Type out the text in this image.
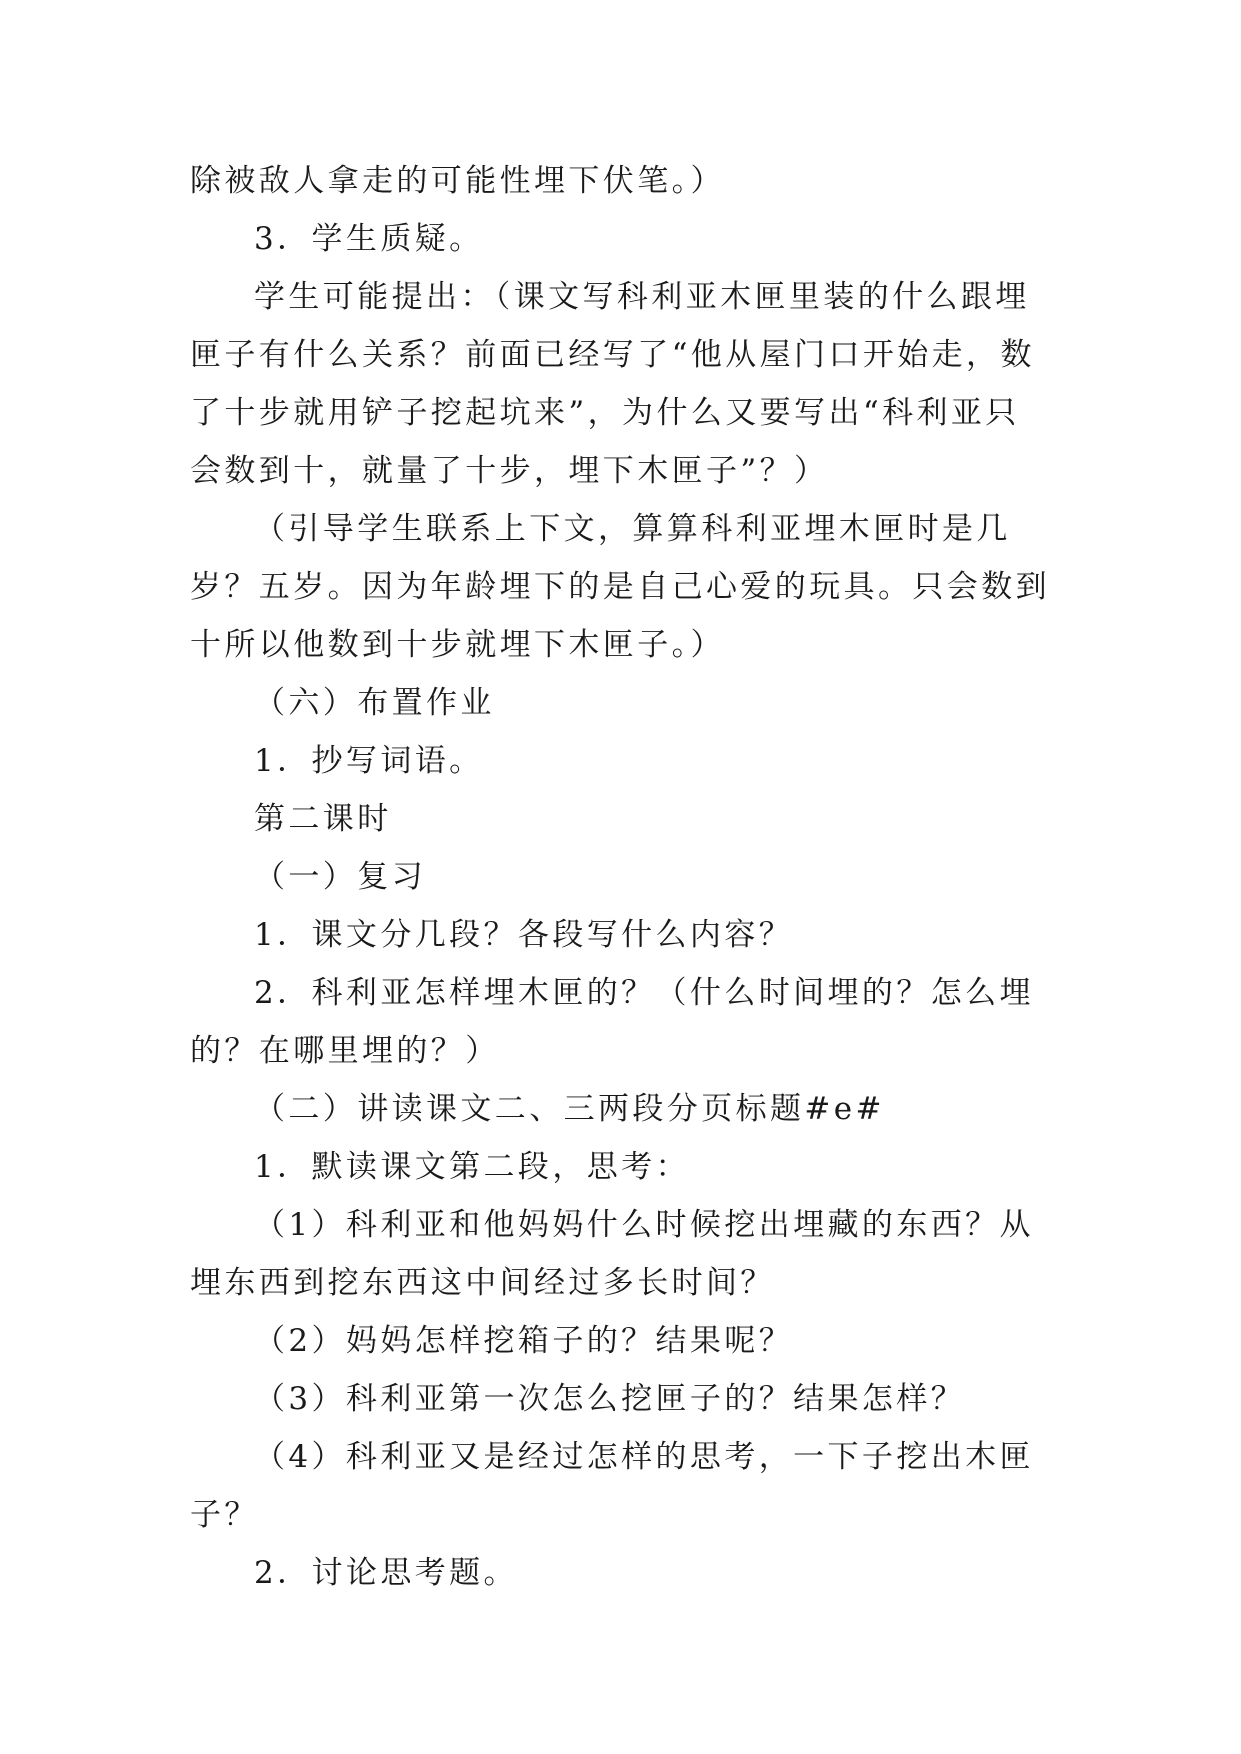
除被敌人拿走的可能性埋下伏笔。）

3．学生质疑。

学生可能提出：（课文写科利亚木匣里装的什么跟埋匣子有什么关系？前面已经写了“他从屋门口开始走，数了十步就用铲子挖起坑来”，为什么又要写出“科利亚只会数到十，就量了十步，埋下木匣子”？）

（引导学生联系上下文，算算科利亚埋木匣时是几岁？五岁。因为年龄埋下的是自己心爱的玩具。只会数到十所以他数到十步就埋下木匣子。）

（六）布置作业

1．抄写词语。

第二课时

（一）复习

1．课文分几段？各段写什么内容？

2．科利亚怎样埋木匣的？（什么时间埋的？怎么埋的？在哪里埋的？）

（二）讲读课文二、三两段分页标题#e#

1．默读课文第二段，思考：

（1）科利亚和他妈妈什么时候挖出埋藏的东西？从埋东西到挖东西这中间经过多长时间？

（2）妈妈怎样挖箱子的？结果呢？

（3）科利亚第一次怎么挖匣子的？结果怎样？

（4）科利亚又是经过怎样的思考，一下子挖出木匣子？

2．讨论思考题。
